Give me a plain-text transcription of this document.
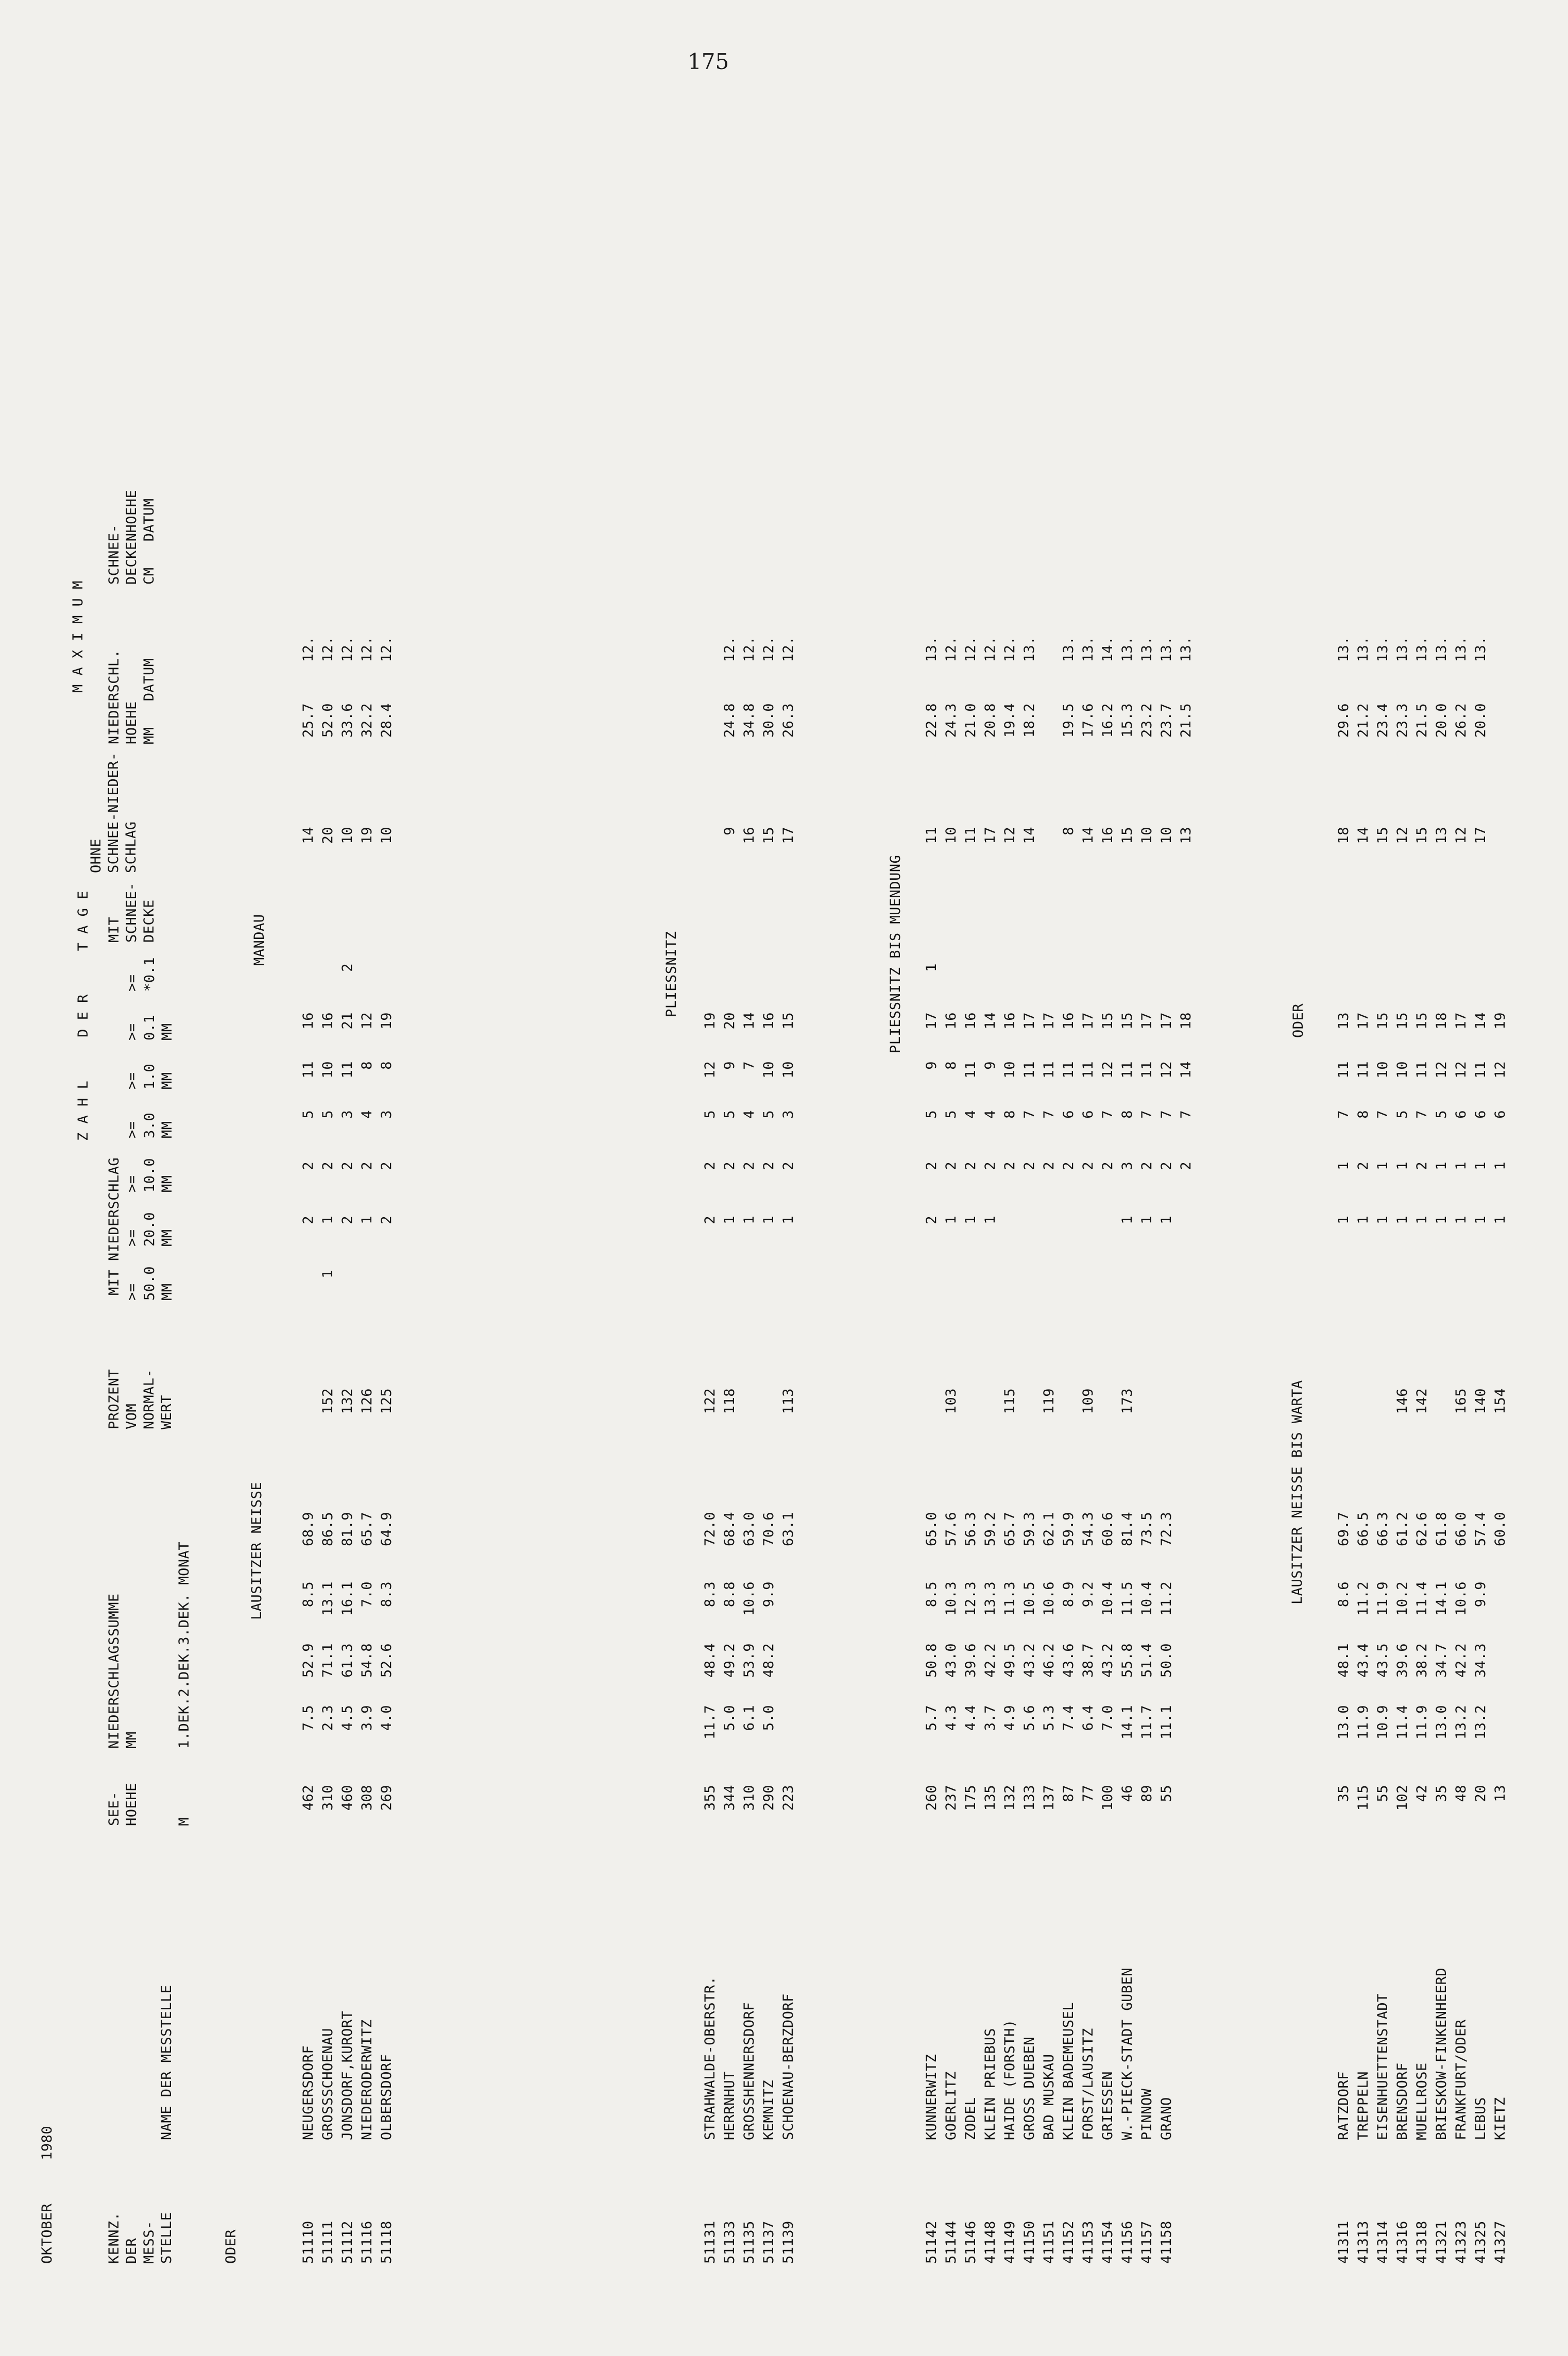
175
OKTOBER     1980	KENNZ.
DER
MESS-
STELLE
NAME DER MESSTELLE
SEE-
HOEHE

M
NIEDERSCHLAGSSUMME
MM

1.DEK.2.DEK.3.DEK. MONAT
PROZENT
VOM
NORMAL-
WERT
Z A H L     D E R     T A G E
MIT NIEDERSCHLAG >=
50.0
MM
>=
20.0
MM
>=
10.0
MM
>=
3.0
MM
>=
1.0
MM
>=
0.1
MM
>=
*0.1
MIT
SCHNEE-
DECKE
OHNE
SCHNEE-NIEDER-
SCHLAG
M A X I M U M
NIEDERSCHL.
HOEHE
MM   DATUM
SCHNEE-
DECKENHOEHE
CM   DATUM
ODER
LAUSITZER NEISSE
MANDAU
51110
NEUGERSDORF
462
7.5
52.9
8.5
68.9
2
2
5
11
16
14
25.7
12.
51111
GROSSSCHOENAU
310
2.3
71.1
13.1
86.5
152
1
1
2
5
10
16
20
52.0
12.
51112
JONSDORF,KURORT
460
4.5
61.3
16.1
81.9
132
2
2
3
11
21
2
10
33.6
12.
51116
NIEDERODERWITZ
308
3.9
54.8
7.0
65.7
126
1
2
4
8
12
19
32.2
12.
51118
OLBERSDORF
269
4.0
52.6
8.3
64.9
125
2
2
3
8
19
10
28.4
12.
PLIESSNITZ
51131
STRAHWALDE-OBERSTR.
355
11.7
48.4
8.3
72.0
122
2
2
5
12
19
51133
HERRNHUT
344
5.0
49.2
8.8
68.4
118
1
2
5
9
20
9
24.8
12.
51135
GROSSHENNERSDORF
310
6.1
53.9
10.6
63.0
1
2
4
7
14
16
34.8
12.
51137
KEMNITZ
290
5.0
48.2
9.9
70.6
1
2
5
10
16
15
30.0
12.
51139
SCHOENAU-BERZDORF
223
63.1
113
1
2
3
10
15
17
26.3
12.
PLIESSNITZ BIS MUENDUNG
51142
KUNNERWITZ
260
5.7
50.8
8.5
65.0
2
2
5
9
17
1
11
22.8
13.
51144
GOERLITZ
237
4.3
43.0
10.3
57.6
103
1
2
5
8
16
10
24.3
12.
51146
ZODEL
175
4.4
39.6
12.3
56.3
1
2
4
11
16
11
21.0
12.
41148
KLEIN PRIEBUS
135
3.7
42.2
13.3
59.2
1
2
4
9
14
17
20.8
12.
41149
HAIDE (FORSTH)
132
4.9
49.5
11.3
65.7
115
2
8
10
16
12
19.4
12.
41150
GROSS DUEBEN
133
5.6
43.2
10.5
59.3
2
7
11
17
14
18.2
13.
41151
BAD MUSKAU
137
5.3
46.2
10.6
62.1
119
2
7
11
17
41152
KLEIN BADEMEUSEL
87
7.4
43.6
8.9
59.9
2
6
11
16
8
19.5
13.
41153
FORST/LAUSITZ
77
6.4
38.7
9.2
54.3
109
2
6
11
17
14
17.6
13.
41154
GRIESSEN
100
7.0
43.2
10.4
60.6
2
7
12
15
16
16.2
14.
41156
W.-PIECK-STADT GUBEN
46
14.1
55.8
11.5
81.4
173
1
3
8
11
15
15
15.3
13.
41157
PINNOW
89
11.7
51.4
10.4
73.5
1
2
7
11
17
10
23.2
13.
41158
GRANO
55
11.1
50.0
11.2
72.3
1
2
7
12
17
10
23.7
13.
2
7
14
18
13
21.5
13.
LAUSITZER NEISSE BIS WARTA
ODER
41311
RATZDORF
35
13.0
48.1
8.6
69.7
1
1
7
11
13
18
29.6
13.
41313
TREPPELN
115
11.9
43.4
11.2
66.5
1
2
8
11
17
14
21.2
13.
41314
EISENHUETTENSTADT
55
10.9
43.5
11.9
66.3
1
1
7
10
15
15
23.4
13.
41316
BRENSDORF
102
11.4
39.6
10.2
61.2
146
1
1
5
10
15
12
23.3
13.
41318
MUELLROSE
42
11.9
38.2
11.4
62.6
142
1
2
7
11
15
15
21.5
13.
41321
BRIESKOW-FINKENHEERD
35
13.0
34.7
14.1
61.8
1
1
5
12
18
13
20.0
13.
41323
FRANKFURT/ODER
48
13.2
42.2
10.6
66.0
165
1
1
6
12
17
12
26.2
13.
41325
LEBUS
20
13.2
34.3
9.9
57.4
140
1
1
6
11
14
17
20.0
13.
41327
KIETZ
13
60.0
154
1
1
6
12
19
